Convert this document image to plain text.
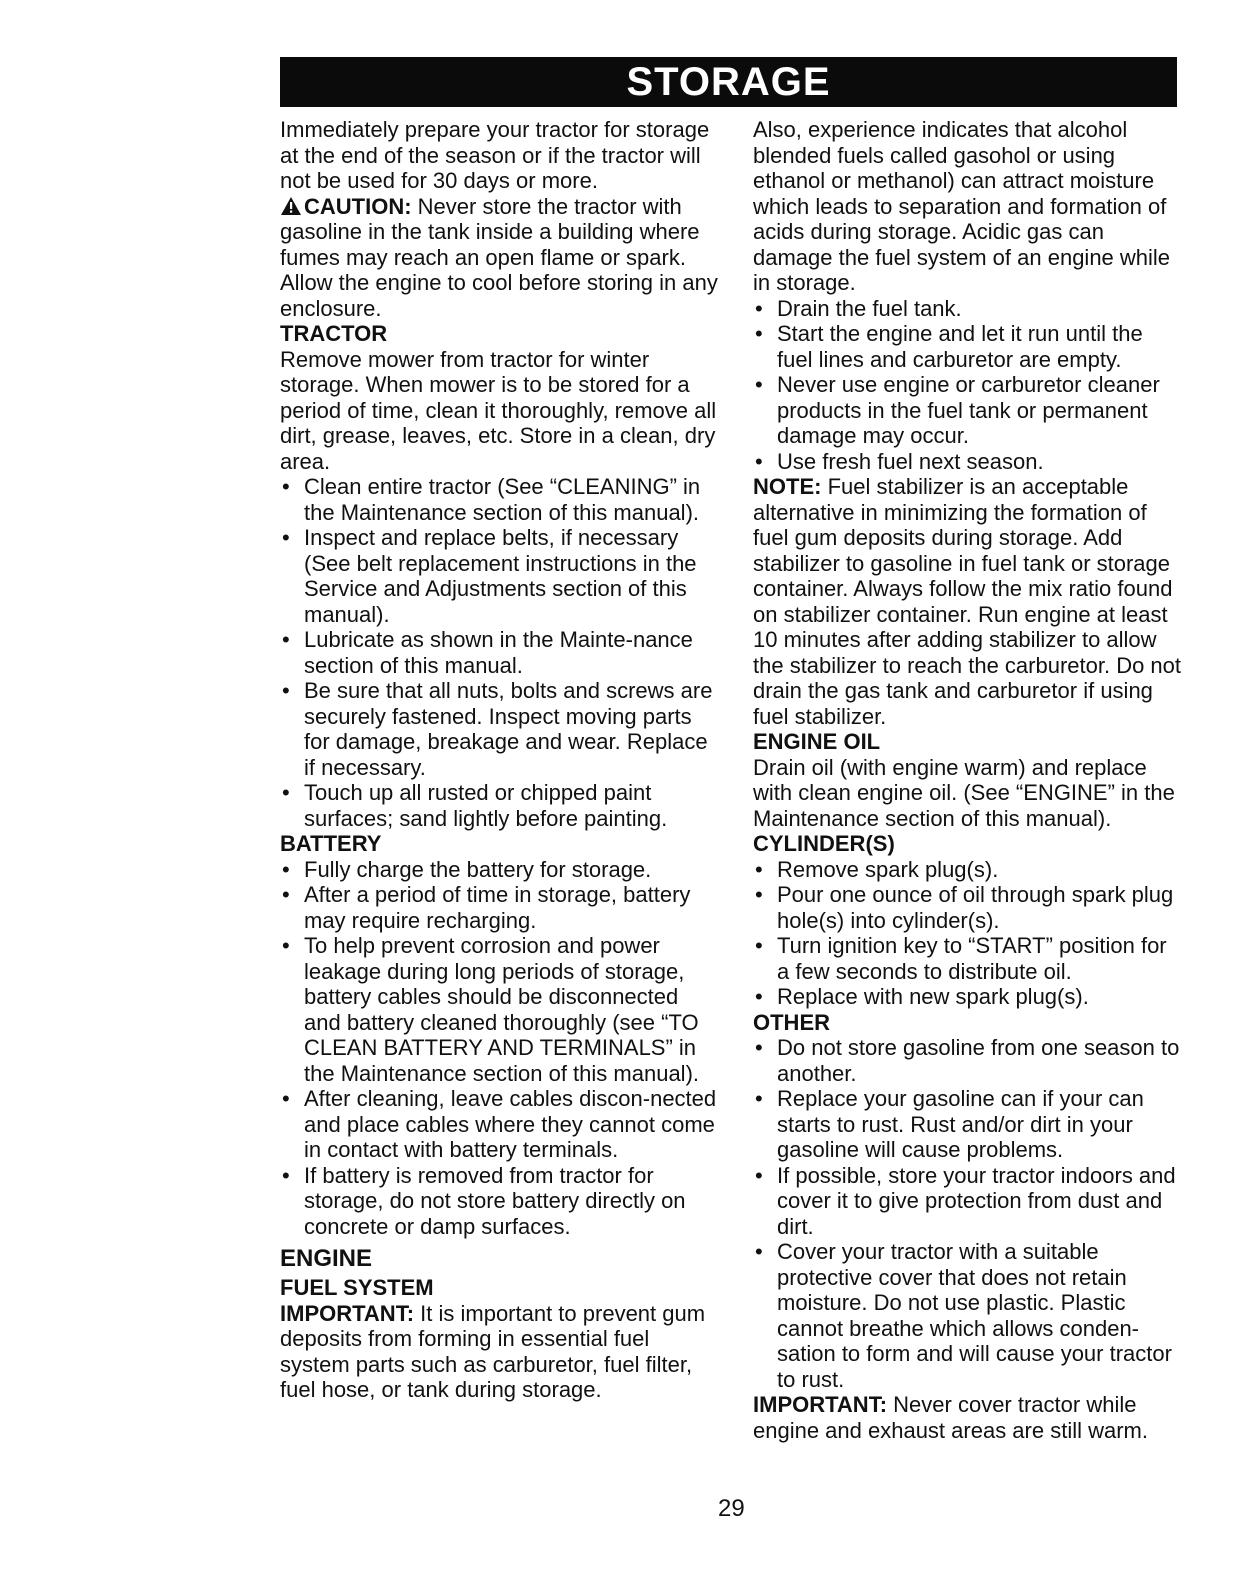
STORAGE

Immediately prepare your tractor for storage at the end of the season or if the tractor will not be used for 30 days or more.

CAUTION: Never store the tractor with gasoline in the tank inside a building where fumes may reach an open flame or spark. Allow the engine to cool before storing in any enclosure.

TRACTOR

Remove mower from tractor for winter storage. When mower is to be stored for a period of time, clean it thoroughly, remove all dirt, grease, leaves, etc. Store in a clean, dry area.

• Clean entire tractor (See “CLEANING” in the Maintenance section of this manual).
• Inspect and replace belts, if necessary (See belt replacement instructions in the Service and Adjustments section of this manual).
• Lubricate as shown in the Mainte-nance section of this manual.
• Be sure that all nuts, bolts and screws are securely fastened. Inspect moving parts for damage, breakage and wear. Replace if necessary.
• Touch up all rusted or chipped paint surfaces; sand lightly before painting.

BATTERY

• Fully charge the battery for storage.
• After a period of time in storage, battery may require recharging.
• To help prevent corrosion and power leakage during long periods of storage, battery cables should be disconnected and battery cleaned thoroughly (see “TO CLEAN BATTERY AND TERMINALS” in the Maintenance section of this manual).
• After cleaning, leave cables discon-nected and place cables where they cannot come in contact with battery terminals.
• If battery is removed from tractor for storage, do not store battery directly on concrete or damp surfaces.

ENGINE

FUEL SYSTEM

IMPORTANT: It is important to prevent gum deposits from forming in essential fuel system parts such as carburetor, fuel filter, fuel hose, or tank during storage.

Also, experience indicates that alcohol blended fuels called gasohol or using ethanol or methanol) can attract moisture which leads to separation and formation of acids during storage. Acidic gas can damage the fuel system of an engine while in storage.

• Drain the fuel tank.
• Start the engine and let it run until the fuel lines and carburetor are empty.
• Never use engine or carburetor cleaner products in the fuel tank or permanent damage may occur.
• Use fresh fuel next season.

NOTE: Fuel stabilizer is an acceptable alternative in minimizing the formation of fuel gum deposits during storage. Add stabilizer to gasoline in fuel tank or storage container. Always follow the mix ratio found on stabilizer container. Run engine at least 10 minutes after adding stabilizer to allow the stabilizer to reach the carburetor. Do not drain the gas tank and carburetor if using fuel stabilizer.

ENGINE OIL

Drain oil (with engine warm) and replace with clean engine oil. (See “ENGINE” in the Maintenance section of this manual).

CYLINDER(S)

• Remove spark plug(s).
• Pour one ounce of oil through spark plug hole(s) into cylinder(s).
• Turn ignition key to “START” position for a few seconds to distribute oil.
• Replace with new spark plug(s).

OTHER

• Do not store gasoline from one season to another.
• Replace your gasoline can if your can starts to rust. Rust and/or dirt in your gasoline will cause problems.
• If possible, store your tractor indoors and cover it to give protection from dust and dirt.
• Cover your tractor with a suitable protective cover that does not retain moisture. Do not use plastic. Plastic cannot breathe which allows conden-sation to form and will cause your tractor to rust.

IMPORTANT: Never cover tractor while engine and exhaust areas are still warm.

29
